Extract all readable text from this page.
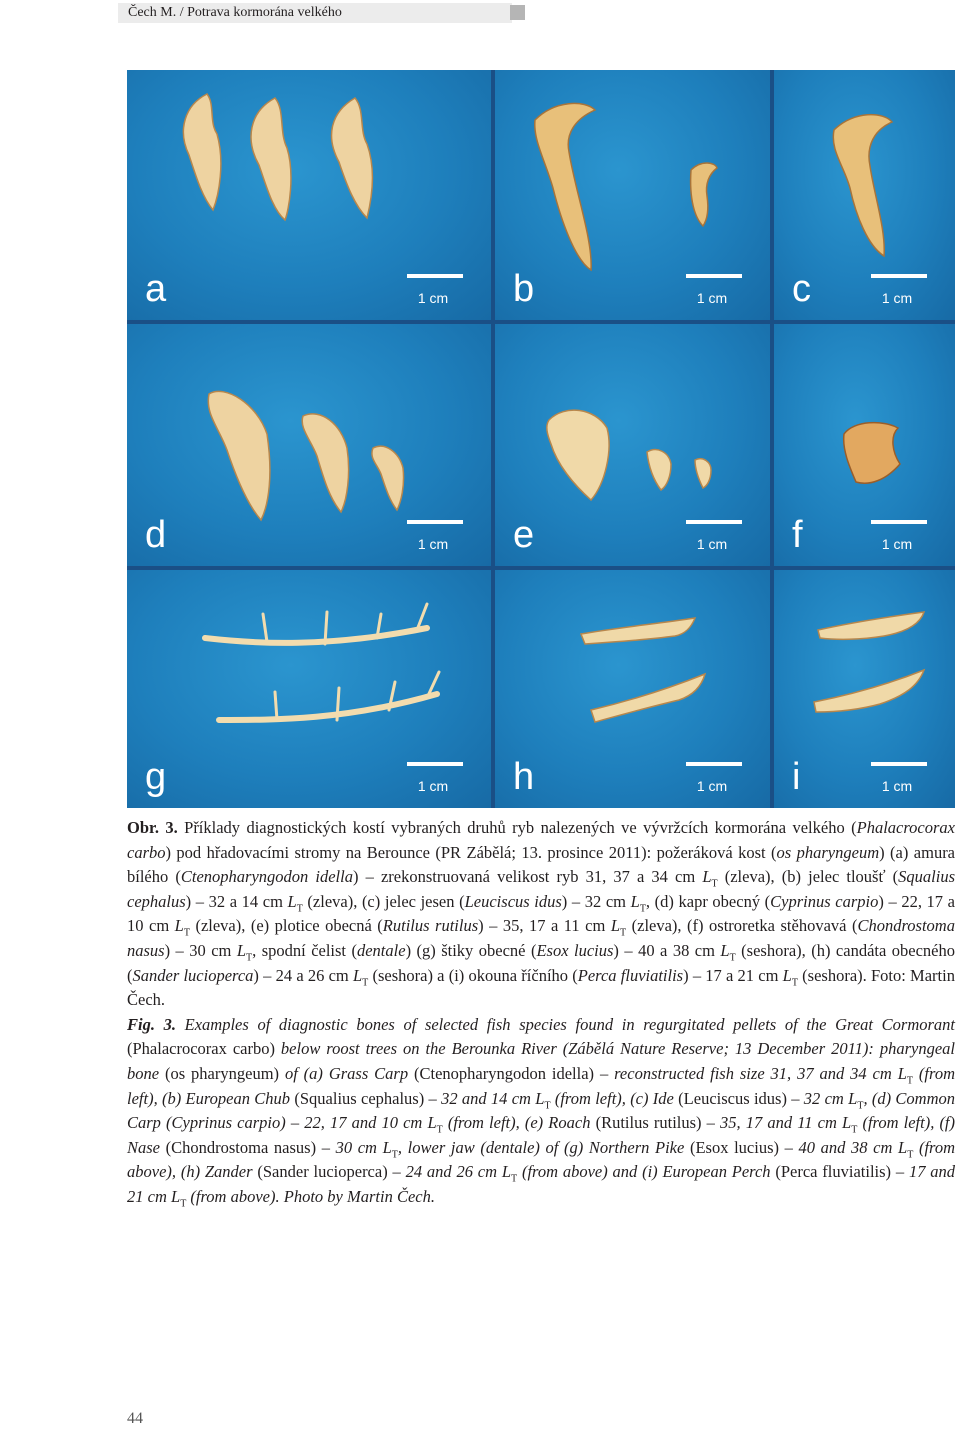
Čech M. / Potrava kormorána velkého
a	1 cm	b	1 cm	c	1 cm
d	1 cm	e	1 cm	f	1 cm
g	1 cm	h	1 cm	i	1 cm

Obr. 3. Příklady diagnostických kostí vybraných druhů ryb nalezených ve vývržcích kormorána velkého (Phalacrocorax carbo) pod hřadovacími stromy na Berounce (PR Zábělá; 13. prosince 2011): požeráková kost (os pharyngeum) (a) amura bílého (Ctenopharyngodon idella) – zrekonstruovaná velikost ryb 31, 37 a 34 cm $L_T$ (zleva), (b) jelec tloušť (Squalius cephalus) – 32 a 14 cm $L_T$ (zleva), (c) jelec jesen (Leuciscus idus) – 32 cm $L_T$, (d) kapr obecný (Cyprinus carpio) – 22, 17 a 10 cm $L_T$ (zleva), (e) plotice obecná (Rutilus rutilus) – 35, 17 a 11 cm $L_T$ (zleva), (f) ostroretka stěhovavá (Chondrostoma nasus) – 30 cm $L_T$, spodní čelist (dentale) (g) štiky obecné (Esox lucius) – 40 a 38 cm $L_T$ (seshora), (h) candáta obecného (Sander lucioperca) – 24 a 26 cm $L_T$ (seshora) a (i) okouna říčního (Perca fluviatilis) – 17 a 21 cm $L_T$ (seshora). Foto: Martin Čech.

Fig. 3. Examples of diagnostic bones of selected fish species found in regurgitated pellets of the Great Cormorant (Phalacrocorax carbo) below roost trees on the Berounka River (Zábělá Nature Reserve; 13 December 2011): pharyngeal bone (os pharyngeum) of (a) Grass Carp (Ctenopharyngodon idella) – reconstructed fish size 31, 37 and 34 cm $L_T$ (from left), (b) European Chub (Squalius cephalus) – 32 and 14 cm $L_T$ (from left), (c) Ide (Leuciscus idus) – 32 cm $L_T$, (d) Common Carp (Cyprinus carpio) – 22, 17 and 10 cm $L_T$ (from left), (e) Roach (Rutilus rutilus) – 35, 17 and 11 cm $L_T$ (from left), (f) Nase (Chondrostoma nasus) – 30 cm $L_T$, lower jaw (dentale) of (g) Northern Pike (Esox lucius) – 40 and 38 cm $L_T$ (from above), (h) Zander (Sander lucioperca) – 24 and 26 cm $L_T$ (from above) and (i) European Perch (Perca fluviatilis) – 17 and 21 cm $L_T$ (from above). Photo by Martin Čech.

44
